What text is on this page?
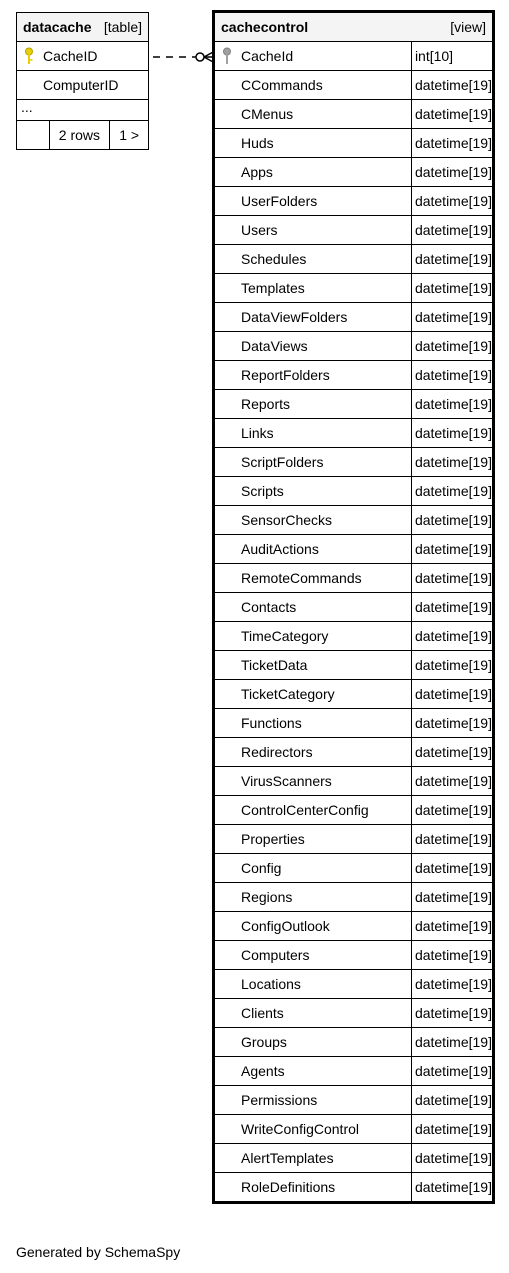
datacache [table]

CacheID
ComputerID
...
	2 rows	1 >
cachecontrol [view]	

CacheId	int[10]
CCommands	datetime[19]
CMenus	datetime[19]
Huds	datetime[19]
Apps	datetime[19]
UserFolders	datetime[19]
Users	datetime[19]
Schedules	datetime[19]
Templates	datetime[19]
DataViewFolders	datetime[19]
DataViews	datetime[19]
ReportFolders	datetime[19]
Reports	datetime[19]
Links	datetime[19]
ScriptFolders	datetime[19]
Scripts	datetime[19]
SensorChecks	datetime[19]
AuditActions	datetime[19]
RemoteCommands	datetime[19]
Contacts	datetime[19]
TimeCategory	datetime[19]
TicketData	datetime[19]
TicketCategory	datetime[19]
Functions	datetime[19]
Redirectors	datetime[19]
VirusScanners	datetime[19]
ControlCenterConfig	datetime[19]
Properties	datetime[19]
Config	datetime[19]
Regions	datetime[19]
ConfigOutlook	datetime[19]
Computers	datetime[19]
Locations	datetime[19]
Clients	datetime[19]
Groups	datetime[19]
Agents	datetime[19]
Permissions	datetime[19]
WriteConfigControl	datetime[19]
AlertTemplates	datetime[19]
RoleDefinitions	datetime[19]
Generated by SchemaSpy
